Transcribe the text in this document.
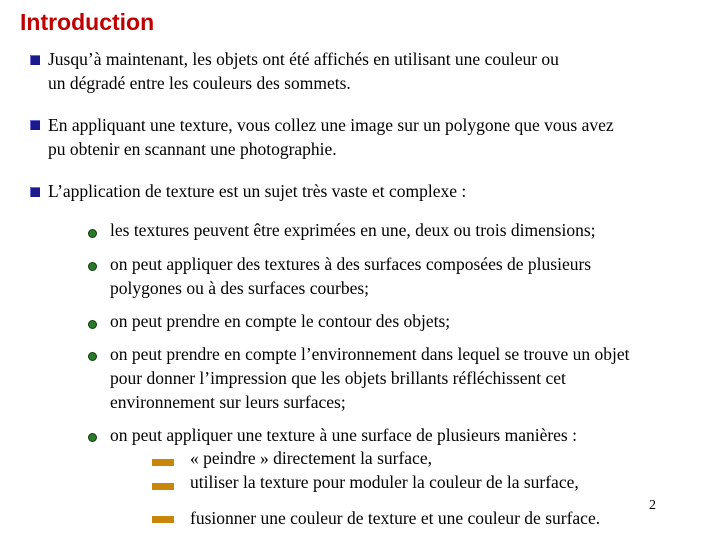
Introduction

Jusqu’à maintenant, les objets ont été affichés en utilisant une couleur ou

un dégradé entre les couleurs des sommets.

En appliquant une texture, vous collez une image sur un polygone que vous avez

pu obtenir en scannant une photographie.

L’application de texture est un sujet très vaste et complexe :

les textures peuvent être exprimées en une, deux ou trois dimensions;

on peut appliquer des textures à des surfaces composées de plusieurs

polygones ou à des surfaces courbes;

on peut prendre en compte le contour des objets;

on peut prendre en compte l’environnement dans lequel se trouve un objet

pour donner l’impression que les objets brillants réfléchissent cet

environnement sur leurs surfaces;

on peut appliquer une texture à une surface de plusieurs manières :

« peindre » directement la surface,

utiliser la texture pour moduler la couleur de la surface,

fusionner une couleur de texture et une couleur de surface.

2
